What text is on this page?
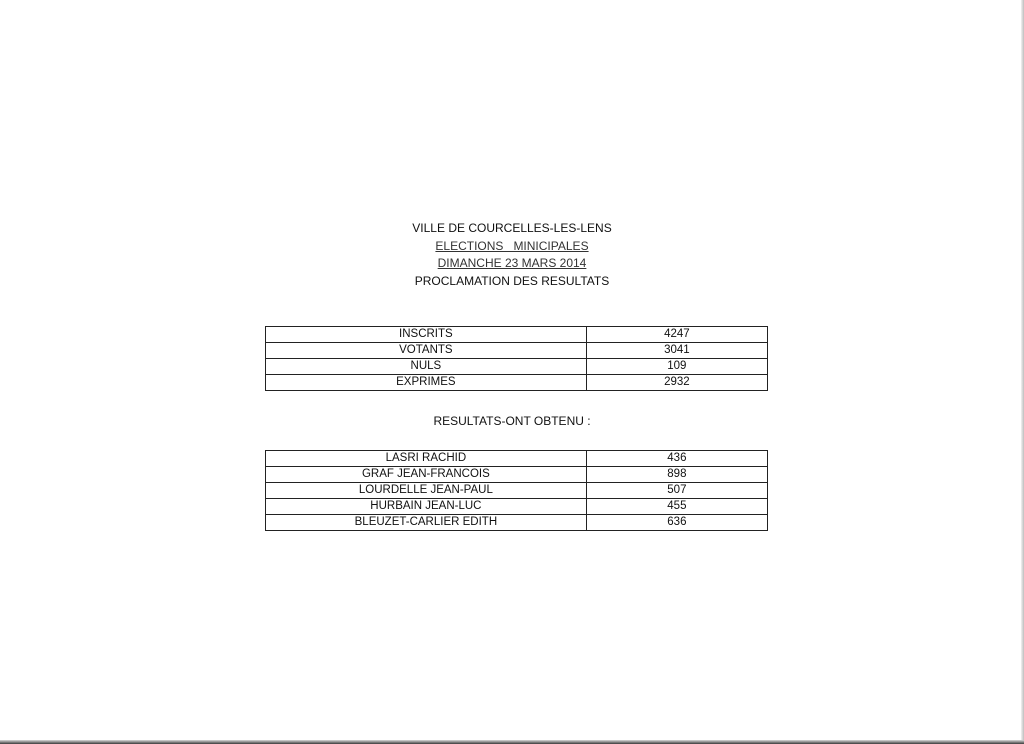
VILLE DE COURCELLES-LES-LENS
ELECTIONS   MINICIPALES
DIMANCHE 23 MARS 2014
PROCLAMATION DES RESULTATS
INSCRITS	4247
VOTANTS	3041
NULS	109
EXPRIMES	2932
RESULTATS-ONT OBTENU :
LASRI RACHID	436
GRAF JEAN-FRANCOIS	898
LOURDELLE JEAN-PAUL	507
HURBAIN JEAN-LUC	455
BLEUZET-CARLIER EDITH	636
